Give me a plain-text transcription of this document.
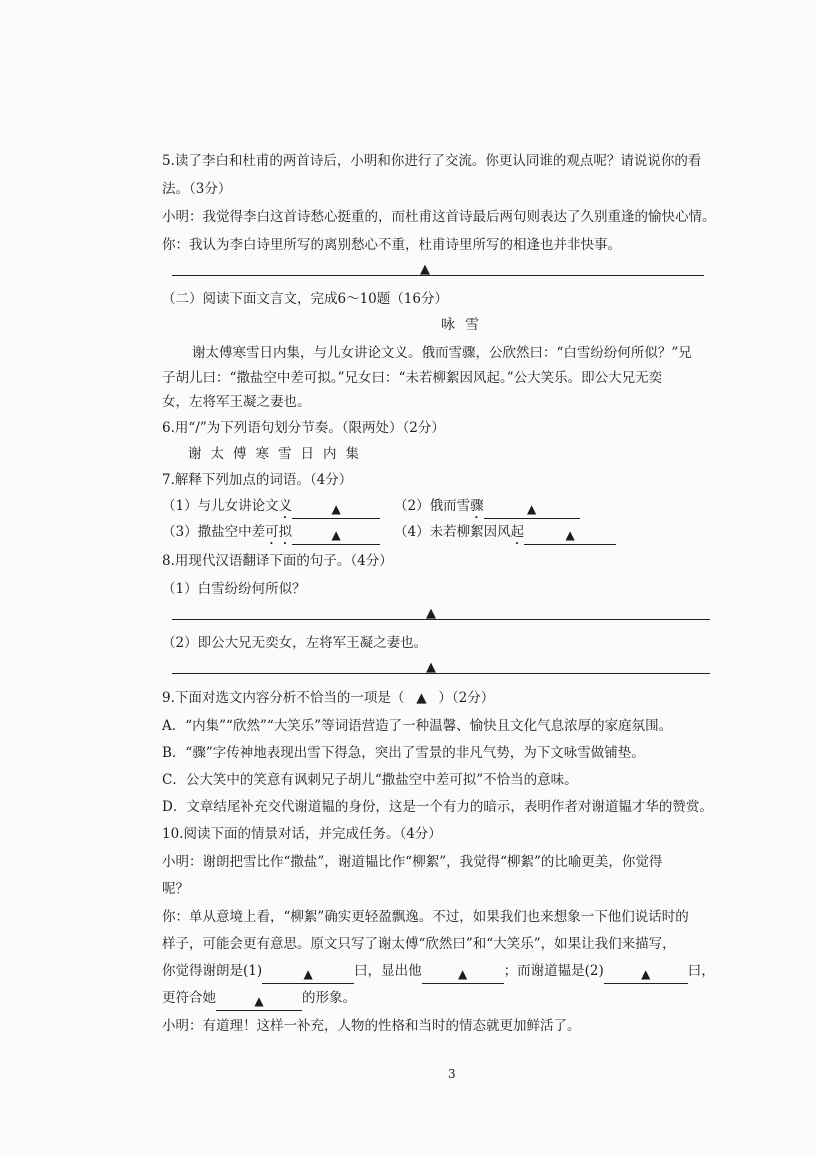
5.读了李白和杜甫的两首诗后，小明和你进行了交流。你更认同谁的观点呢？请说说你的看
法。（3分）
小明：我觉得李白这首诗愁心挺重的，而杜甫这首诗最后两句则表达了久别重逢的愉快心情。
你：我认为李白诗里所写的离别愁心不重，杜甫诗里所写的相逢也并非快事。
▲
（二）阅读下面文言文，完成6～10题（16分）
咏雪
谢太傅寒雪日内集，与儿女讲论文义。俄而雪骤，公欣然曰：“白雪纷纷何所似？”兄
子胡儿曰：“撒盐空中差可拟。”兄女曰：“未若柳絮因风起。”公大笑乐。即公大兄无奕
女，左将军王凝之妻也。
6.用“/”为下列语句划分节奏。（限两处）（2分）
谢太傅寒雪日内集
7.解释下列加点的词语。（4分）
（1）与儿女讲论文义	▲	（2）俄而雪骤	▲
（3）撒盐空中差可拟	▲	（4）未若柳絮因风起	▲
8.用现代汉语翻译下面的句子。（4分）
（1）白雪纷纷何所似？
▲
（2）即公大兄无奕女，左将军王凝之妻也。
▲
9.下面对选文内容分析不恰当的一项是（ ▲ ）（2分）
A．“内集”“欣然”“大笑乐”等词语营造了一种温馨、愉快且文化气息浓厚的家庭氛围。
B．“骤”字传神地表现出雪下得急，突出了雪景的非凡气势，为下文咏雪做铺垫。
C．公大笑中的笑意有讽刺兄子胡儿“撒盐空中差可拟”不恰当的意味。
D．文章结尾补充交代谢道韫的身份，这是一个有力的暗示，表明作者对谢道韫才华的赞赏。
10.阅读下面的情景对话，并完成任务。（4分）
小明：谢朗把雪比作“撒盐”，谢道韫比作“柳絮”，我觉得“柳絮”的比喻更美，你觉得
呢？
你：单从意境上看，“柳絮”确实更轻盈飘逸。不过，如果我们也来想象一下他们说话时的
样子，可能会更有意思。原文只写了谢太傅“欣然曰”和“大笑乐”，如果让我们来描写，
你觉得谢朗是(1)	▲	曰，显出他	▲	；而谢道韫是(2)	▲	曰，
更符合她	▲	的形象。
小明：有道理！这样一补充，人物的性格和当时的情态就更加鲜活了。
3
